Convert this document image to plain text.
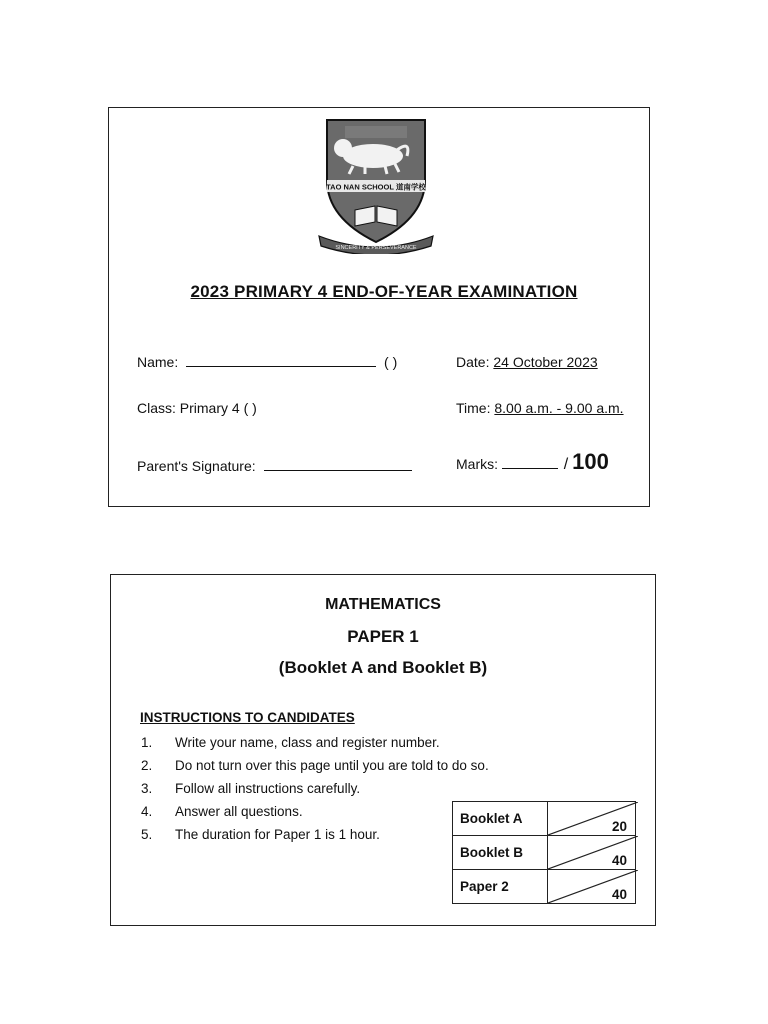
TAO NAN SCHOOL 道南学校
SINCERITY & PERSEVERANCE
2023 PRIMARY 4 END-OF-YEAR EXAMINATION
Name:	( )	Date: 24 October 2023
Class: Primary 4 ( )	Time: 8.00 a.m. - 9.00 a.m.
Parent's Signature:	Marks:	/ 100
MATHEMATICS
PAPER 1
(Booklet A and Booklet B)
INSTRUCTIONS TO CANDIDATES
1. Write your name, class and register number.
2. Do not turn over this page until you are told to do so.
3. Follow all instructions carefully.
4. Answer all questions.
5. The duration for Paper 1 is 1 hour.
Booklet A	20

Booklet B	40

Paper 2	40
